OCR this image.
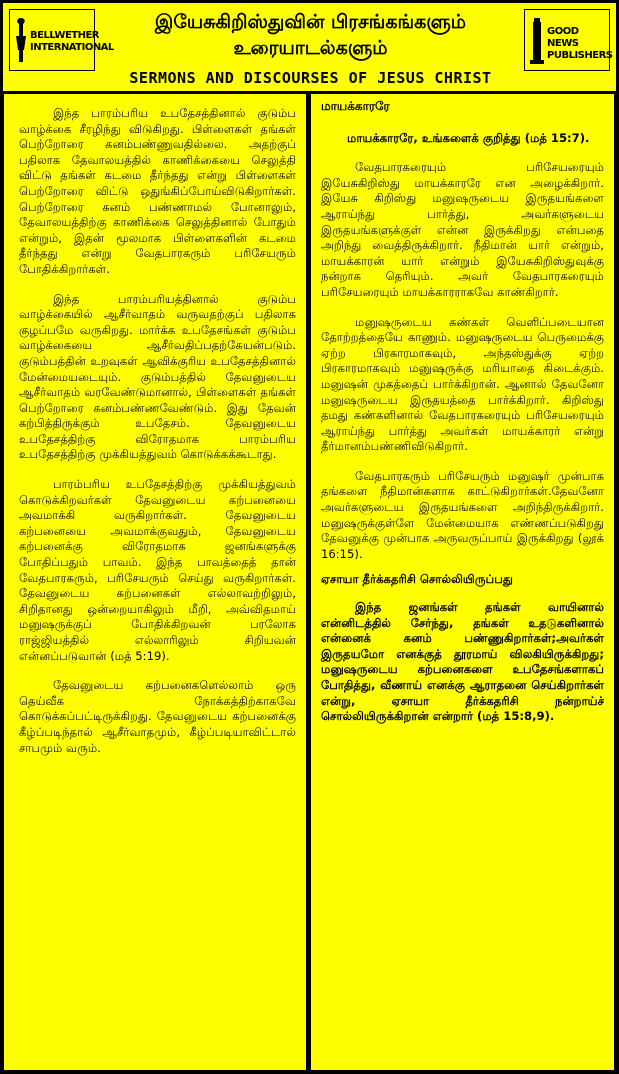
BELLWETHER
INTERNATIONAL
இயேசுகிறிஸ்துவின் பிரசங்கங்களும்
உரையாடல்களும்
SERMONS AND DISCOURSES OF JESUS CHRIST
GOOD NEWS
PUBLISHERS

இந்த பாரம்பரிய உபதேசத்தினால் குடும்ப வாழ்க்கை சீரழிந்து விடுகிறது. பிள்ளைகள் தங்கள் பெற்றோரை கனம்பண்ணுவதில்லை. அதற்குப் பதிலாக தேவாலயத்தில் காணிக்கையை செலுத்தி விட்டு தங்கள் கடமை தீர்ந்தது என்று பிள்ளைகள் பெற்றோரை விட்டு ஒதுங்கிப்போய்விடுகிறார்கள். பெற்றோரை கனம் பண்ணாமல் போனாலும், தேவாலயத்திற்கு காணிக்கை செலுத்தினால் போதும் என்றும், இதன் மூலமாக பிள்ளைகளின் கடமை தீர்ந்தது என்று வேதபாரகரும் பரிசேயரும் போதிக்கிறார்கள்.

இந்த பாரம்பரியத்தினால் குடும்ப வாழ்க்கையில் ஆசீர்வாதம் வருவதற்குப் பதிலாக குழப்பமே வருகிறது. மார்க்க உபதேசங்கள் குடும்ப வாழ்க்கையை ஆசீர்வதிப்பதற்கேயன்படும். குடும்பத்தின் உறவுகள் ஆவிக்குரிய உபதேசத்தினால் மேன்மையடையும். குடும்பத்தில் தேவனுடைய ஆசீர்வாதம் வரவேண்டுமானால், பிள்ளைகள் தங்கள் பெற்றோரை கனம்பண்ணவேண்டும். இது தேவன் கற்பித்திருக்கும் உபதேசம். தேவனுடைய உபதேசத்திற்கு விரோதமாக பாரம்பரிய உபதேசத்திற்கு முக்கியத்துவம் கொடுக்கக்கூடாது.

பாரம்பரிய உபதேசத்திற்கு முக்கியத்துவம் கொடுக்கிறவர்கள் தேவனுடைய கற்பனையை அவமாக்கி வருகிறார்கள். தேவனுடைய கற்பனையை அவமாக்குவதும், தேவனுடைய கற்பனைக்கு விரோதமாக ஜனங்களுக்கு போதிப்பதும் பாவம். இந்த பாவத்தைத் தான் வேதபாரகரும், பரிசேயரும் செய்து வருகிறார்கள். தேவனுடைய கற்பனைகள் எல்லாவற்றிலும், சிறிதானது ஒன்றையாகிலும் மீறி, அவ்விதமாய் மனுஷருக்குப் போதிக்கிறவன் பரலோக ராஜ்ஜியத்தில் எல்லாரிலும் சிறியவன் என்னப்படுவான் (மத் 5:19).

தேவனுடைய கற்பனைகளெல்லாம் ஒரு தெய்வீக நோக்கத்திற்காகவே கொடுக்கப்பட்டிருக்கிறது. தேவனுடைய கற்பனைக்கு கீழ்ப்படிந்தால் ஆசீர்வாதமும், கீழ்ப்படியாவிட்டால் சாபமும் வரும்.

மாயக்காரரே

மாயக்காரரே, உங்களைக் குறித்து (மத் 15:7).

வேதபாரகரையும் பரிசேயரையும் இயேசுகிறிஸ்து மாயக்காரரே என அழைக்கிறார். இயேசு கிறிஸ்து மனுஷருடைய இருதயங்களை ஆராய்ந்து பார்த்து, அவர்களுடைய இருதயங்களுக்குள் என்ன இருக்கிறது என்பதை அறிந்து வைத்திருக்கிறார். நீதிமான் யார் என்றும், மாயக்காரன் யார் என்றும் இயேசுகிறிஸ்துவுக்கு நன்றாக தெரியும். அவர் வேதபாரகரையும் பரிசேயரையும் மாயக்காரராகவே காண்கிறார்.

மனுஷருடைய கண்கள் வெளிப்படையான தோற்றத்தையே காணும். மனுஷருடைய பெருமைக்கு ஏற்ற பிரகாரமாகவும், அந்தஸ்துக்கு ஏற்ற பிரகாரமாகவும் மனுஷருக்கு மரியாதை கிடைக்கும். மனுஷன் முகத்தைப் பார்க்கிறான். ஆனால் தேவனோ மனுஷருடைய இருதயத்தை பார்க்கிறார். கிறிஸ்து தமது கண்களினால் வேதபாரகரையும் பரிசேயரையும் ஆராய்ந்து பார்த்து அவர்கள் மாயக்காரர் என்று தீர்மானம்பண்ணிவிடுகிறார்.

வேதபாரகரும் பரிசேயரும் மனுஷர் முன்பாக தங்களை நீதிமான்களாக காட்டுகிறார்கள்.தேவனோ அவர்களுடைய இருதயங்களை அறிந்திருக்கிறார். மனுஷருக்குள்ளே மேன்மையாக எண்ணப்படுகிறது தேவனுக்கு முன்பாக அருவருப்பாய் இருக்கிறது (லூக் 16:15).

ஏசாயா தீர்க்கதரிசி சொல்லியிருப்பது

இந்த ஜனங்கள் தங்கள் வாயினால் என்னிடத்தில் சேர்ந்து, தங்கள் உதடுகளினால் என்னைக் கனம் பண்ணுகிறார்கள்;அவர்கள் இருதயமோ எனக்குத் தூரமாய் விலகியிருக்கிறது; மனுஷருடைய கற்பனைகளை உபதேசங்களாகப் போதித்து, வீணாய் எனக்கு ஆராதனை செய்கிறார்கள் என்று, ஏசாயா தீர்க்கதரிசி நன்றாய்ச் சொல்லியிருக்கிறான் என்றார் (மத் 15:8,9).
